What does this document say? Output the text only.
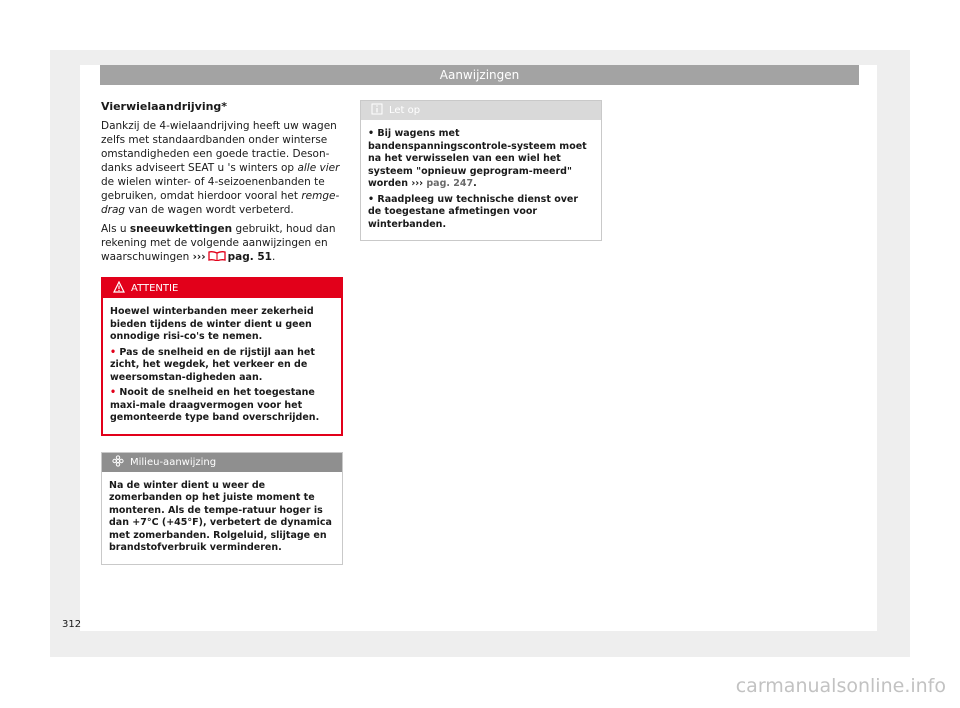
Aanwijzingen
Vierwielaandrijving*

Dankzij de 4-wielaandrijving heeft uw wagen zelfs met standaardbanden onder winterse omstandigheden een goede tractie. Deson-danks adviseert SEAT u 's winters op alle vier de wielen winter- of 4-seizoenenbanden te gebruiken, omdat hierdoor vooral het remge-drag van de wagen wordt verbeterd.

Als u sneeuwkettingen gebruikt, houd dan rekening met de volgende aanwijzingen en waarschuwingen ››› pag. 51.

ATTENTIE

Hoewel winterbanden meer zekerheid bieden tijdens de winter dient u geen onnodige risi-co's te nemen.

• Pas de snelheid en de rijstijl aan het zicht, het wegdek, het verkeer en de weersomstan-digheden aan.

• Nooit de snelheid en het toegestane maxi-male draagvermogen voor het gemonteerde type band overschrijden.

Milieu-aanwijzing

Na de winter dient u weer de zomerbanden op het juiste moment te monteren. Als de tempe-ratuur hoger is dan +7°C (+45°F), verbetert de dynamica met zomerbanden. Rolgeluid, slijtage en brandstofverbruik verminderen.

Let op

• Bij wagens met bandenspanningscontrole-systeem moet na het verwisselen van een wiel het systeem "opnieuw geprogram-meerd" worden ››› pag. 247.

• Raadpleeg uw technische dienst over de toegestane afmetingen voor winterbanden.

312
carmanualsonline.info
